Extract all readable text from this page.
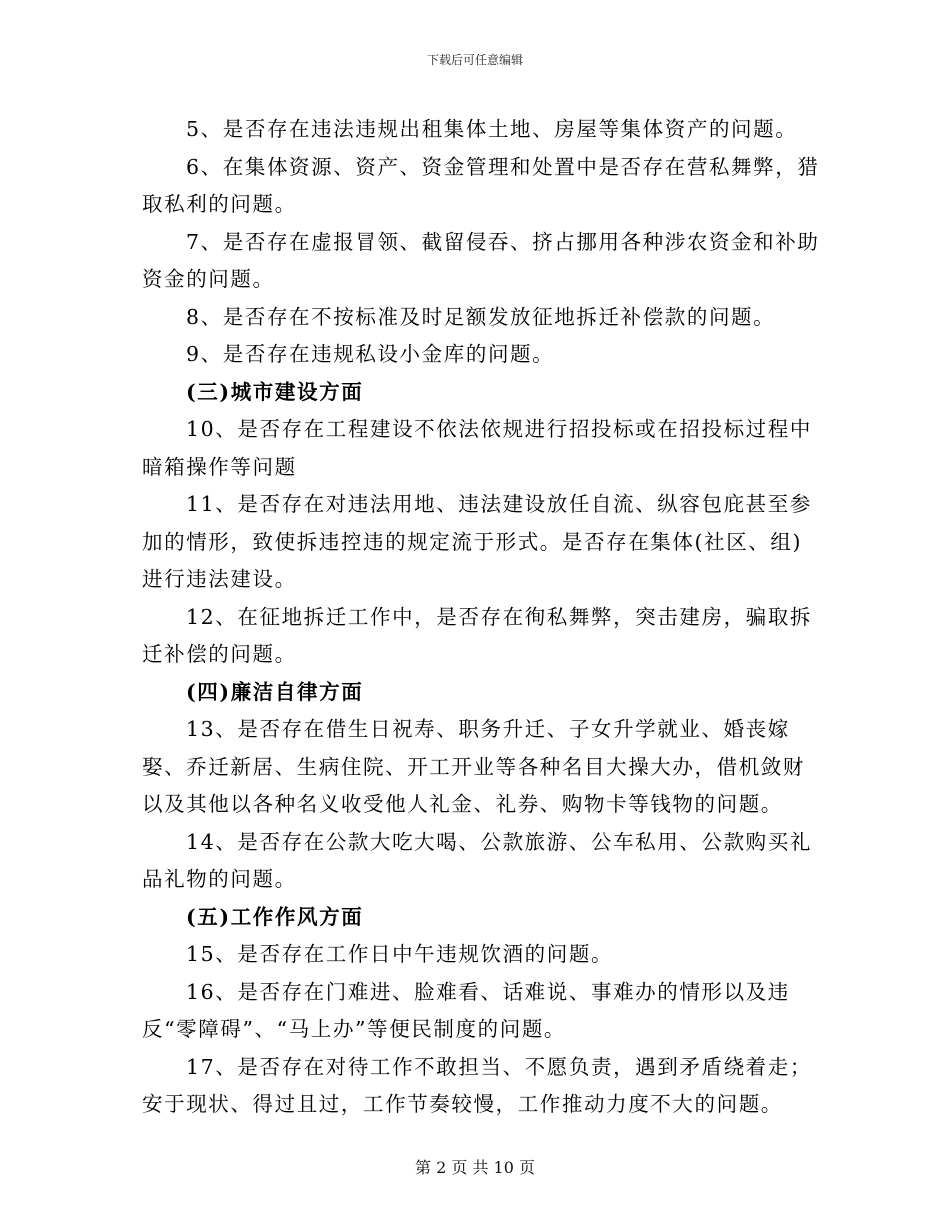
下载后可任意编辑

5、是否存在违法违规出租集体土地、房屋等集体资产的问题。

6、在集体资源、资产、资金管理和处置中是否存在营私舞弊，猎取私利的问题。

7、是否存在虚报冒领、截留侵吞、挤占挪用各种涉农资金和补助资金的问题。

8、是否存在不按标准及时足额发放征地拆迁补偿款的问题。

9、是否存在违规私设小金库的问题。

(三)城市建设方面

10、是否存在工程建设不依法依规进行招投标或在招投标过程中暗箱操作等问题

11、是否存在对违法用地、违法建设放任自流、纵容包庇甚至参加的情形，致使拆违控违的规定流于形式。是否存在集体(社区、组)进行违法建设。

12、在征地拆迁工作中，是否存在徇私舞弊，突击建房，骗取拆迁补偿的问题。

(四)廉洁自律方面

13、是否存在借生日祝寿、职务升迁、子女升学就业、婚丧嫁娶、乔迁新居、生病住院、开工开业等各种名目大操大办，借机敛财以及其他以各种名义收受他人礼金、礼券、购物卡等钱物的问题。

14、是否存在公款大吃大喝、公款旅游、公车私用、公款购买礼品礼物的问题。

(五)工作作风方面

15、是否存在工作日中午违规饮酒的问题。

16、是否存在门难进、脸难看、话难说、事难办的情形以及违反“零障碍”、“马上办”等便民制度的问题。

17、是否存在对待工作不敢担当、不愿负责，遇到矛盾绕着走；安于现状、得过且过，工作节奏较慢，工作推动力度不大的问题。

第 2 页 共 10 页
